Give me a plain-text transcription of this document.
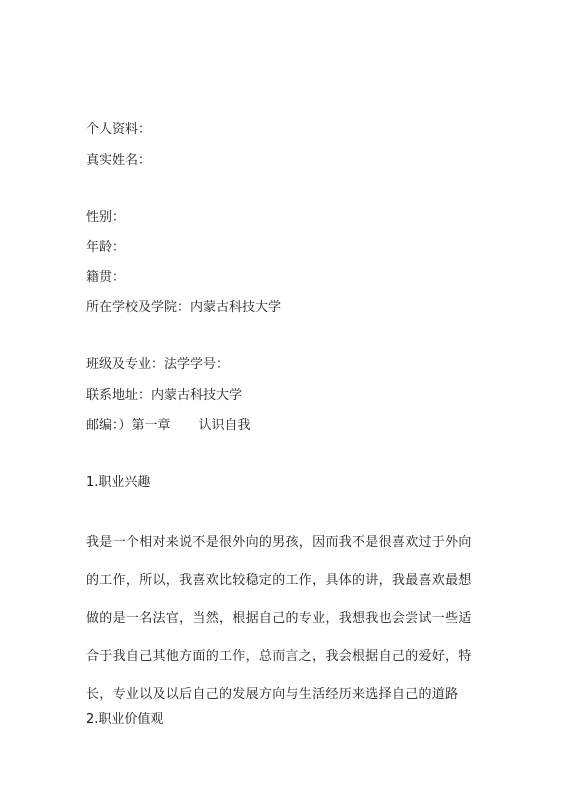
个人资料：
真实姓名：
性别：
年龄：
籍贯：
所在学校及学院：内蒙古科技大学
班级及专业：法学学号：
联系地址：内蒙古科技大学
邮编：）第一章 认识自我
1.职业兴趣
我是一个相对来说不是很外向的男孩，因而我不是很喜欢过于外向
的工作，所以，我喜欢比较稳定的工作，具体的讲，我最喜欢最想
做的是一名法官，当然，根据自己的专业，我想我也会尝试一些适
合于我自己其他方面的工作，总而言之，我会根据自己的爱好，特
长，专业以及以后自己的发展方向与生活经历来选择自己的道路
2.职业价值观
